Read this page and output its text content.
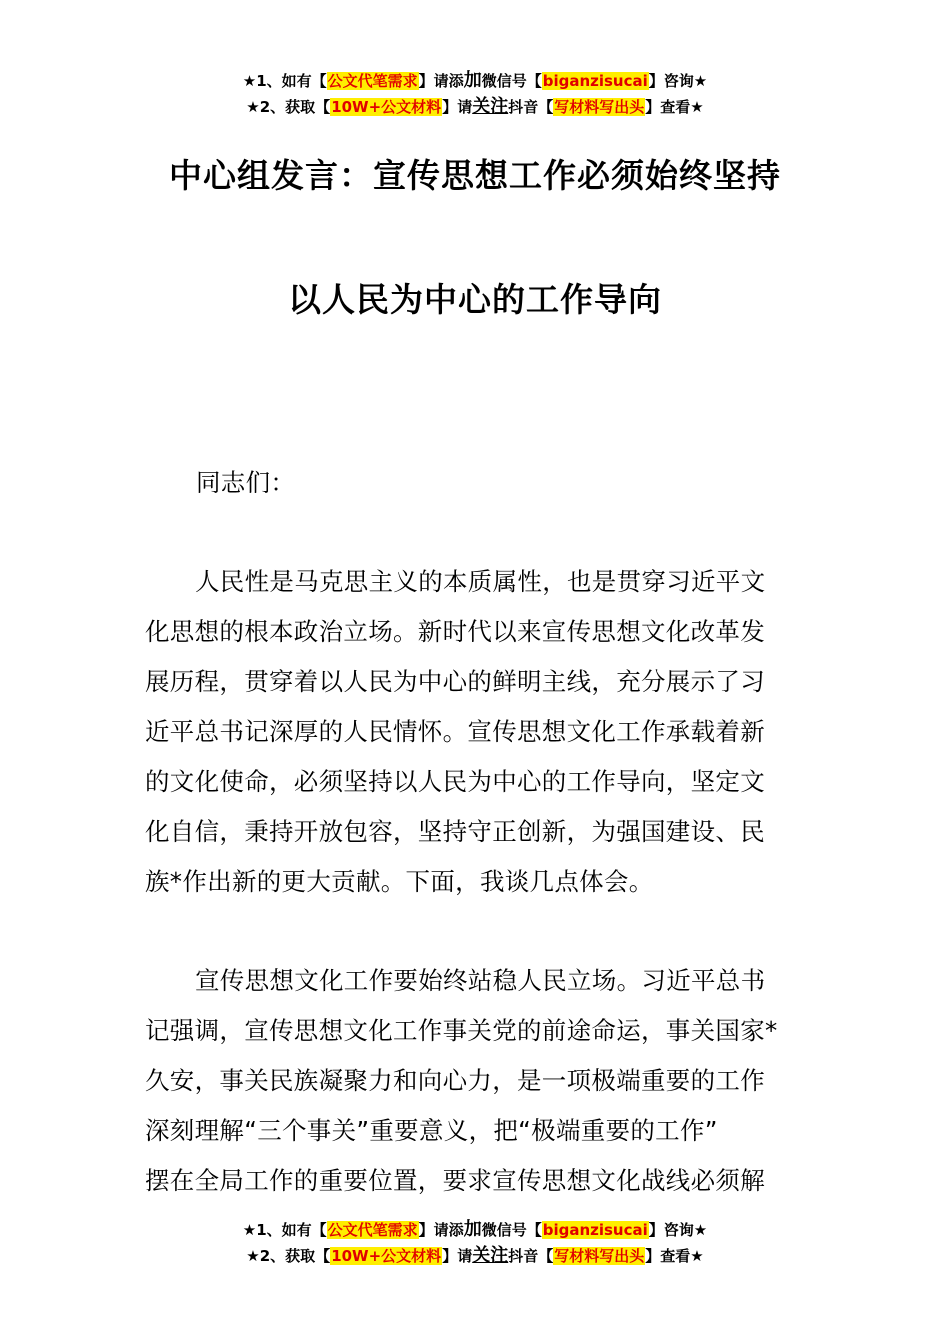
★1、如有【公文代笔需求】请添加微信号【biganzisucai】咨询★
★2、获取【10W+公文材料】请关注抖音【写材料写出头】查看★
中心组发言：宣传思想工作必须始终坚持
以人民为中心的工作导向
同志们：
人民性是马克思主义的本质属性，也是贯穿习近平文
化思想的根本政治立场。新时代以来宣传思想文化改革发
展历程，贯穿着以人民为中心的鲜明主线，充分展示了习
近平总书记深厚的人民情怀。宣传思想文化工作承载着新
的文化使命，必须坚持以人民为中心的工作导向，坚定文
化自信，秉持开放包容，坚持守正创新，为强国建设、民
族*作出新的更大贡献。下面，我谈几点体会。
宣传思想文化工作要始终站稳人民立场。习近平总书
记强调，宣传思想文化工作事关党的前途命运，事关国家*
久安，事关民族凝聚力和向心力，是一项极端重要的工作
深刻理解“三个事关”重要意义，把“极端重要的工作”
摆在全局工作的重要位置，要求宣传思想文化战线必须解
★1、如有【公文代笔需求】请添加微信号【biganzisucai】咨询★
★2、获取【10W+公文材料】请关注抖音【写材料写出头】查看★
